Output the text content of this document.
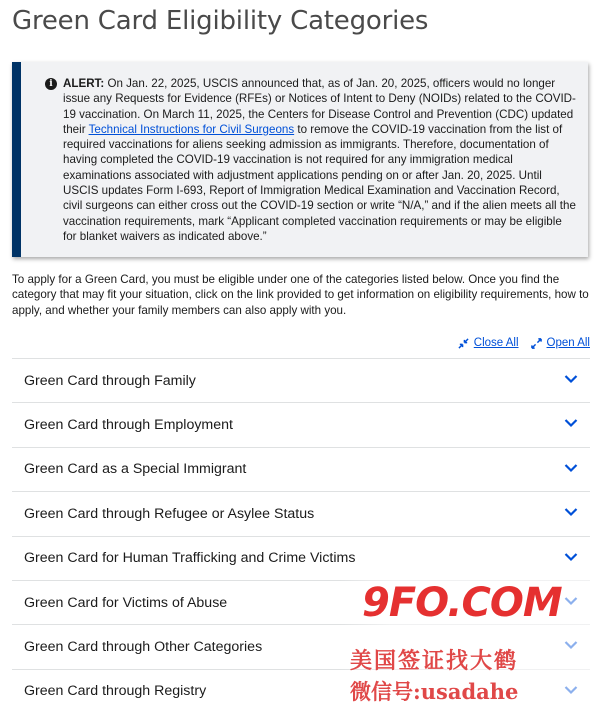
Green Card Eligibility Categories
i ALERT: On Jan. 22, 2025, USCIS announced that, as of Jan. 20, 2025, officers would no longer issue any Requests for Evidence (RFEs) or Notices of Intent to Deny (NOIDs) related to the COVID-19 vaccination. On March 11, 2025, the Centers for Disease Control and Prevention (CDC) updated their Technical Instructions for Civil Surgeons to remove the COVID-19 vaccination from the list of required vaccinations for aliens seeking admission as immigrants. Therefore, documentation of having completed the COVID-19 vaccination is not required for any immigration medical examinations associated with adjustment applications pending on or after Jan. 20, 2025. Until USCIS updates Form I-693, Report of Immigration Medical Examination and Vaccination Record, civil surgeons can either cross out the COVID-19 section or write “N/A,” and if the alien meets all the vaccination requirements, mark “Applicant completed vaccination requirements or may be eligible for blanket waivers as indicated above.”

To apply for a Green Card, you must be eligible under one of the categories listed below. Once you find the category that may fit your situation, click on the link provided to get information on eligibility requirements, how to apply, and whether your family members can also apply with you.

Close All Open All
Green Card through Family
Green Card through Employment
Green Card as a Special Immigrant
Green Card through Refugee or Asylee Status
Green Card for Human Trafficking and Crime Victims
Green Card for Victims of Abuse
Green Card through Other Categories
Green Card through Registry
9FO.COM
美国签证找大鹤
微信号:usadahe
